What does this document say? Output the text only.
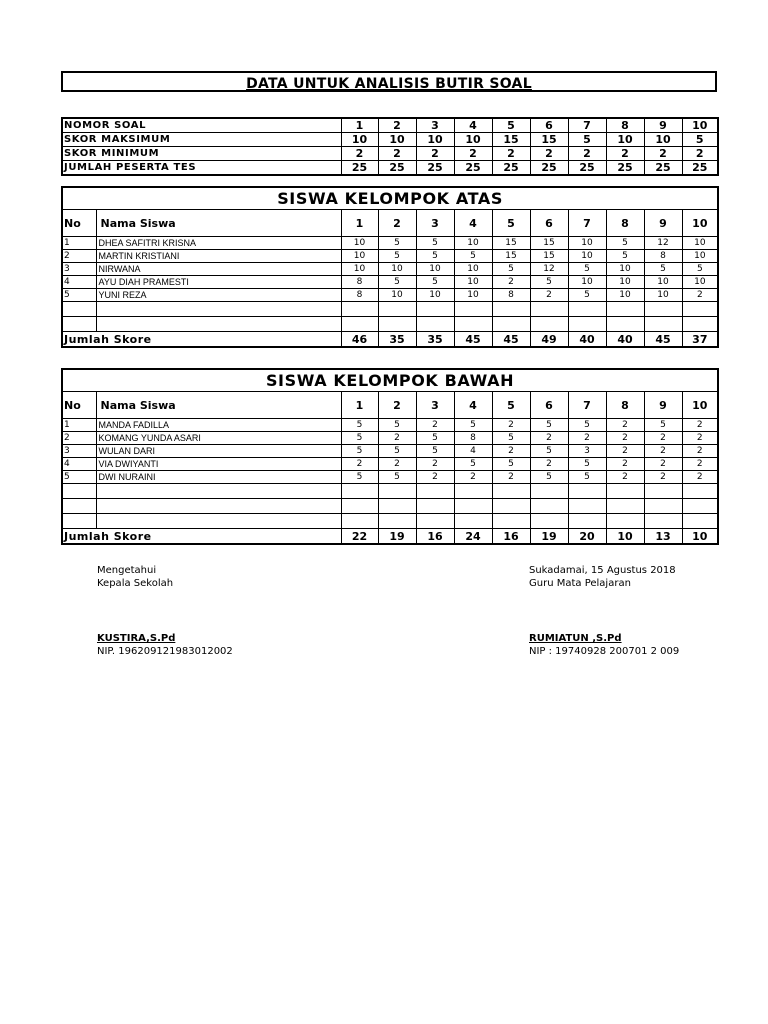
DATA UNTUK ANALISIS BUTIR SOAL
NOMOR SOAL	1	2	3	4	5	6	7	8	9	10
SKOR MAKSIMUM	10	10	10	10	15	15	5	10	10	5
SKOR MINIMUM	2	2	2	2	2	2	2	2	2	2
JUMLAH PESERTA TES	25	25	25	25	25	25	25	25	25	25
SISWA KELOMPOK ATAS											
No	Nama Siswa	1	2	3	4	5	6	7	8	9	10
1	DHEA SAFITRI KRISNA	10	5	5	10	15	15	10	5	12	10
2	MARTIN KRISTIANI	10	5	5	5	15	15	10	5	8	10
3	NIRWANA	10	10	10	10	5	12	5	10	5	5
4	AYU DIAH PRAMESTI	8	5	5	10	2	5	10	10	10	10
5	YUNI REZA	8	10	10	10	8	2	5	10	10	2

Jumlah Skore		46	35	35	45	45	49	40	40	45	37
SISWA KELOMPOK BAWAH											
No	Nama Siswa	1	2	3	4	5	6	7	8	9	10
1	MANDA FADILLA	5	5	2	5	2	5	5	2	5	2
2	KOMANG YUNDA ASARI	5	2	5	8	5	2	2	2	2	2
3	WULAN DARI	5	5	5	4	2	5	3	2	2	2
4	VIA DWIYANTI	2	2	2	5	5	2	5	2	2	2
5	DWI NURAINI	5	5	2	2	2	5	5	2	2	2

Jumlah Skore		22	19	16	24	16	19	20	10	13	10
Mengetahui
Kepala Sekolah
KUSTIRA,S.Pd
NIP. 196209121983012002
Sukadamai, 15 Agustus 2018
Guru Mata Pelajaran
RUMIATUN ,S.Pd
NIP : 19740928 200701 2 009
